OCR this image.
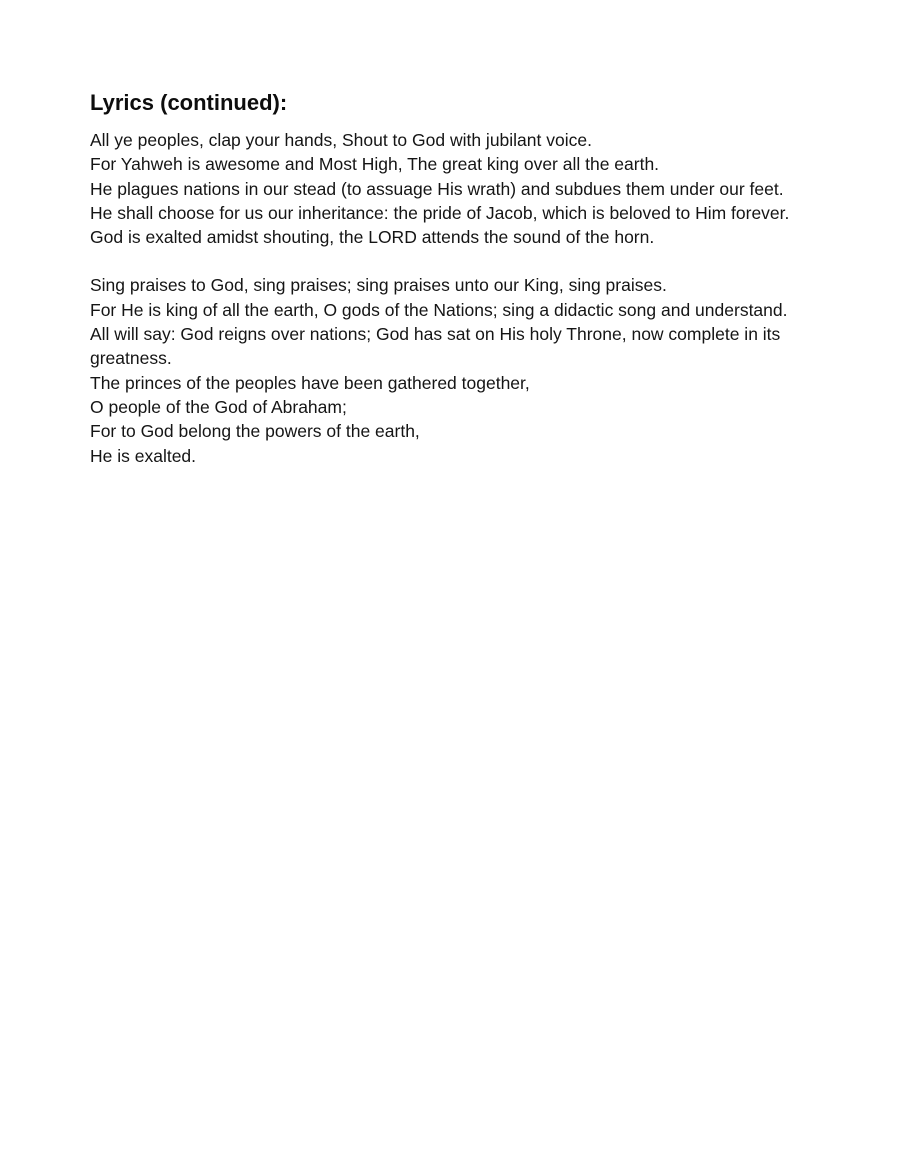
Lyrics (continued):
All ye peoples, clap your hands, Shout to God with jubilant voice.
For Yahweh is awesome and Most High, The great king over all the earth.
He plagues nations in our stead (to assuage His wrath) and subdues them under our feet.
He shall choose for us our inheritance: the pride of Jacob, which is beloved to Him forever.
God is exalted amidst shouting, the LORD attends the sound of the horn.
Sing praises to God, sing praises; sing praises unto our King, sing praises.
For He is king of all the earth, O gods of the Nations; sing a didactic song and understand.
All will say: God reigns over nations; God has sat on His holy Throne, now complete in its greatness.
The princes of the peoples have been gathered together,
O people of the God of Abraham;
For to God belong the powers of the earth,
He is exalted.
